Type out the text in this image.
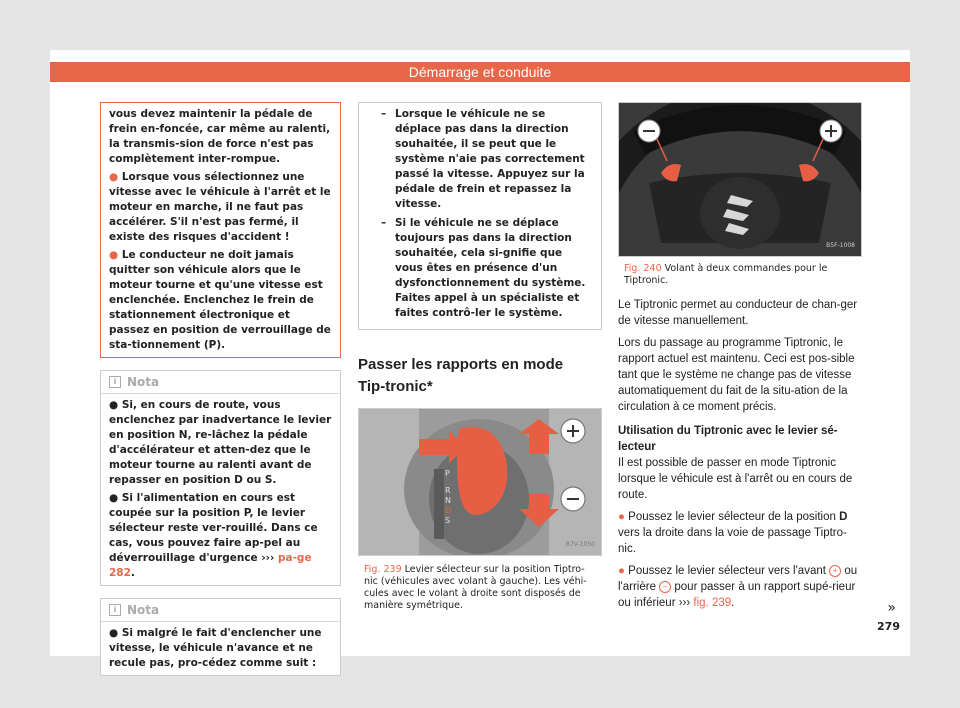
Démarrage et conduite
vous devez maintenir la pédale de frein en-foncée, car même au ralenti, la transmis-sion de force n'est pas complètement inter-rompue.
● Lorsque vous sélectionnez une vitesse avec le véhicule à l'arrêt et le moteur en marche, il ne faut pas accélérer. S'il n'est pas fermé, il existe des risques d'accident !
● Le conducteur ne doit jamais quitter son véhicule alors que le moteur tourne et qu'une vitesse est enclenchée. Enclenchez le frein de stationnement électronique et passez en position de verrouillage de sta-tionnement (P).
i Nota
● Si, en cours de route, vous enclenchez par inadvertance le levier en position N, re-lâchez la pédale d'accélérateur et atten-dez que le moteur tourne au ralenti avant de repasser en position D ou S.
● Si l'alimentation en cours est coupée sur la position P, le levier sélecteur reste ver-rouillé. Dans ce cas, vous pouvez faire ap-pel au déverrouillage d'urgence ››› pa-ge 282.
i Nota
● Si malgré le fait d'enclencher une vitesse, le véhicule n'avance et ne recule pas, pro-cédez comme suit :
– Lorsque le véhicule ne se déplace pas dans la direction souhaitée, il se peut que le système n'aie pas correctement passé la vitesse. Appuyez sur la pédale de frein et repassez la vitesse.
– Si le véhicule ne se déplace toujours pas dans la direction souhaitée, cela si-gnifie que vous êtes en présence d'un dysfonctionnement du système. Faites appel à un spécialiste et faites contrô-ler le système.
Passer les rapports en mode Tip-tronic*
P
R
N
D
S
B7V-1050
Fig. 239 Levier sélecteur sur la position Tiptro-nic (véhicules avec volant à gauche). Les véhi-cules avec le volant à droite sont disposés de manière symétrique.
B5F-1008
Fig. 240 Volant à deux commandes pour le Tiptronic.
Le Tiptronic permet au conducteur de chan-ger de vitesse manuellement.
Lors du passage au programme Tiptronic, le rapport actuel est maintenu. Ceci est pos-sible tant que le système ne change pas de vitesse automatiquement du fait de la situ-ation de la circulation à ce moment précis.
Utilisation du Tiptronic avec le levier sé-lecteur
Il est possible de passer en mode Tiptronic lorsque le véhicule est à l'arrêt ou en cours de route.
● Poussez le levier sélecteur de la position D vers la droite dans la voie de passage Tiptro-nic.
● Poussez le levier sélecteur vers l'avant + ou l'arrière – pour passer à un rapport supé-rieur ou inférieur ››› fig. 239.	»
279
